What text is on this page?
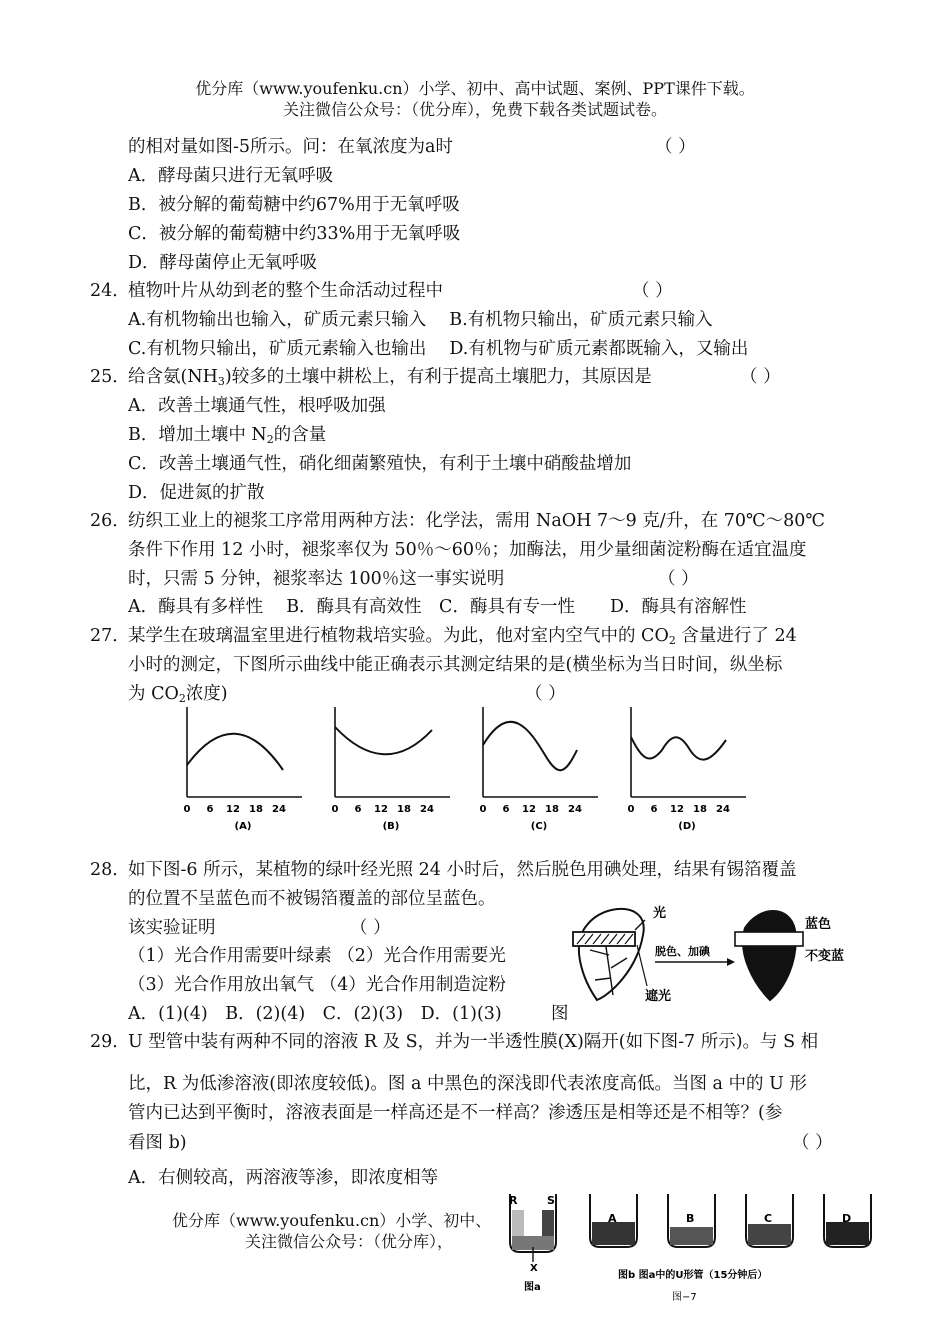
优分库（www.youfenku.cn）小学、初中、高中试题、案例、PPT课件下载。
关注微信公众号：（优分库），免费下载各类试题试卷。
的相对量如图-5所示。问：在氧浓度为a时	（ ）
A．酵母菌只进行无氧呼吸
B．被分解的葡萄糖中约67%用于无氧呼吸
C．被分解的葡萄糖中约33%用于无氧呼吸
D．酵母菌停止无氧呼吸
24．
植物叶片从幼到老的整个生命活动过程中	（ ）
A.有机物输出也输入，矿质元素只输入　 B.有机物只输出，矿质元素只输入
C.有机物只输出，矿质元素输入也输出　 D.有机物与矿质元素都既输入，又输出
25．
给含氨$(NH_3)$较多的土壤中耕松上，有利于提高土壤肥力，其原因是	（ ）
A．改善土壤通气性，根呼吸加强
B．增加土壤中 $N_2$的含量
C．改善土壤通气性，硝化细菌繁殖快，有利于土壤中硝酸盐增加
D．促进氮的扩散
26．
纺织工业上的褪浆工序常用两种方法：化学法，需用 NaOH 7～9 克/升，在 70℃～80℃
条件下作用 12 小时，褪浆率仅为 50％～60％；加酶法，用少量细菌淀粉酶在适宜温度
时，只需 5 分钟，褪浆率达 100％这一事实说明	（ ）
A．酶具有多样性　 B．酶具有高效性　C．酶具有专一性　　D．酶具有溶解性
27．
某学生在玻璃温室里进行植物栽培实验。为此，他对室内空气中的 $CO_2$ 含量进行了 24
小时的测定，下图所示曲线中能正确表示其测定结果的是(横坐标为当日时间，纵坐标
为 $CO_2$浓度)	（ ）
0 6 12 18 24
(A)
0 6 12 18 24
(B)
0 6 12 18 24
(C)
0 6 12 18 24
(D)
28．
如下图-6 所示，某植物的绿叶经光照 24 小时后，然后脱色用碘处理，结果有锡箔覆盖
的位置不呈蓝色而不被锡箔覆盖的部位呈蓝色。
该实验证明	（ ）
（1）光合作用需要叶绿素 （2）光合作用需要光
（3）光合作用放出氧气 （4）光合作用制造淀粉
A．(1)(4)　B．(2)(4)　C．(2)(3)　D．(1)(3)	图
光
脱色、加碘
遮光
蓝色
不变蓝
29．
U 型管中装有两种不同的溶液 R 及 S，并为一半透性膜(X)隔开(如下图-7 所示)。与 S 相
比，R 为低渗溶液(即浓度较低)。图 a 中黑色的深浅即代表浓度高低。当图 a 中的 U 形
管内已达到平衡时，溶液表面是一样高还是不一样高？渗透压是相等还是不相等？(参
看图 b)	（ ）
A．右侧较高，两溶液等渗，即浓度相等
优分库（www.youfenku.cn）小学、初中、
关注微信公众号：（优分库），
R	S
X
图a
A	B	C	D
图b 图a中的U形管（15分钟后）
图−7
